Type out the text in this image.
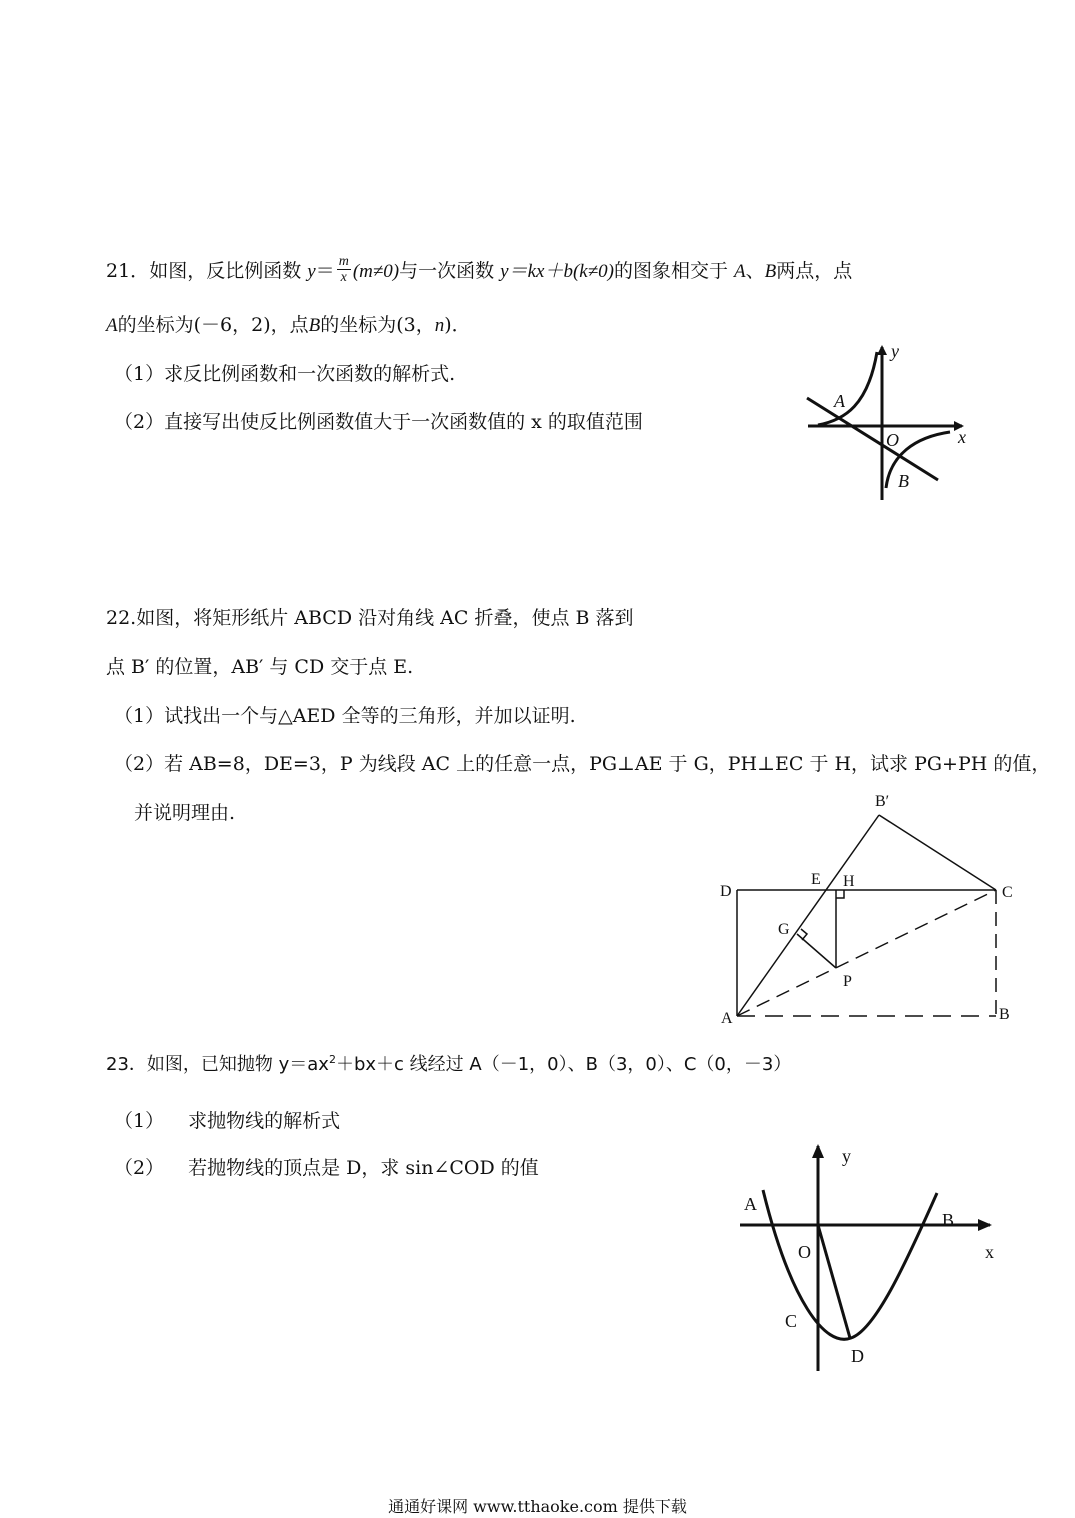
21．如图，反比例函数 $y= \frac{m}{x} (m\ne 0)$与一次函数 y＝kx＋b(k≠0)的图象相交于 A、B两点，点
A的坐标为(－6，2)，点B的坐标为(3，n)．
（1）求反比例函数和一次函数的解析式.
（2）直接写出使反比例函数值大于一次函数值的 x 的取值范围
y
x
A
O
B
22.如图，将矩形纸片 ABCD 沿对角线 AC 折叠，使点 B 落到
点 B′ 的位置，AB′ 与 CD 交于点 E.
（1）试找出一个与△AED 全等的三角形，并加以证明.
（2）若 AB=8，DE=3，P 为线段 AC 上的任意一点，PG⊥AE 于 G，PH⊥EC 于 H，试求 PG+PH 的值，
并说明理由.
B′
D
E H
C
G
P
A	B
23．如图，已知抛物 $y=ax^2+bx+c$ 线经过 A（－1，0）、B（3，0）、C（0，－3）
（1） 求抛物线的解析式
（2） 若抛物线的顶点是 D，求 sin∠COD 的值
y
x
A
B
O
C
D
通通好课网 www.tthaoke.com 提供下载
